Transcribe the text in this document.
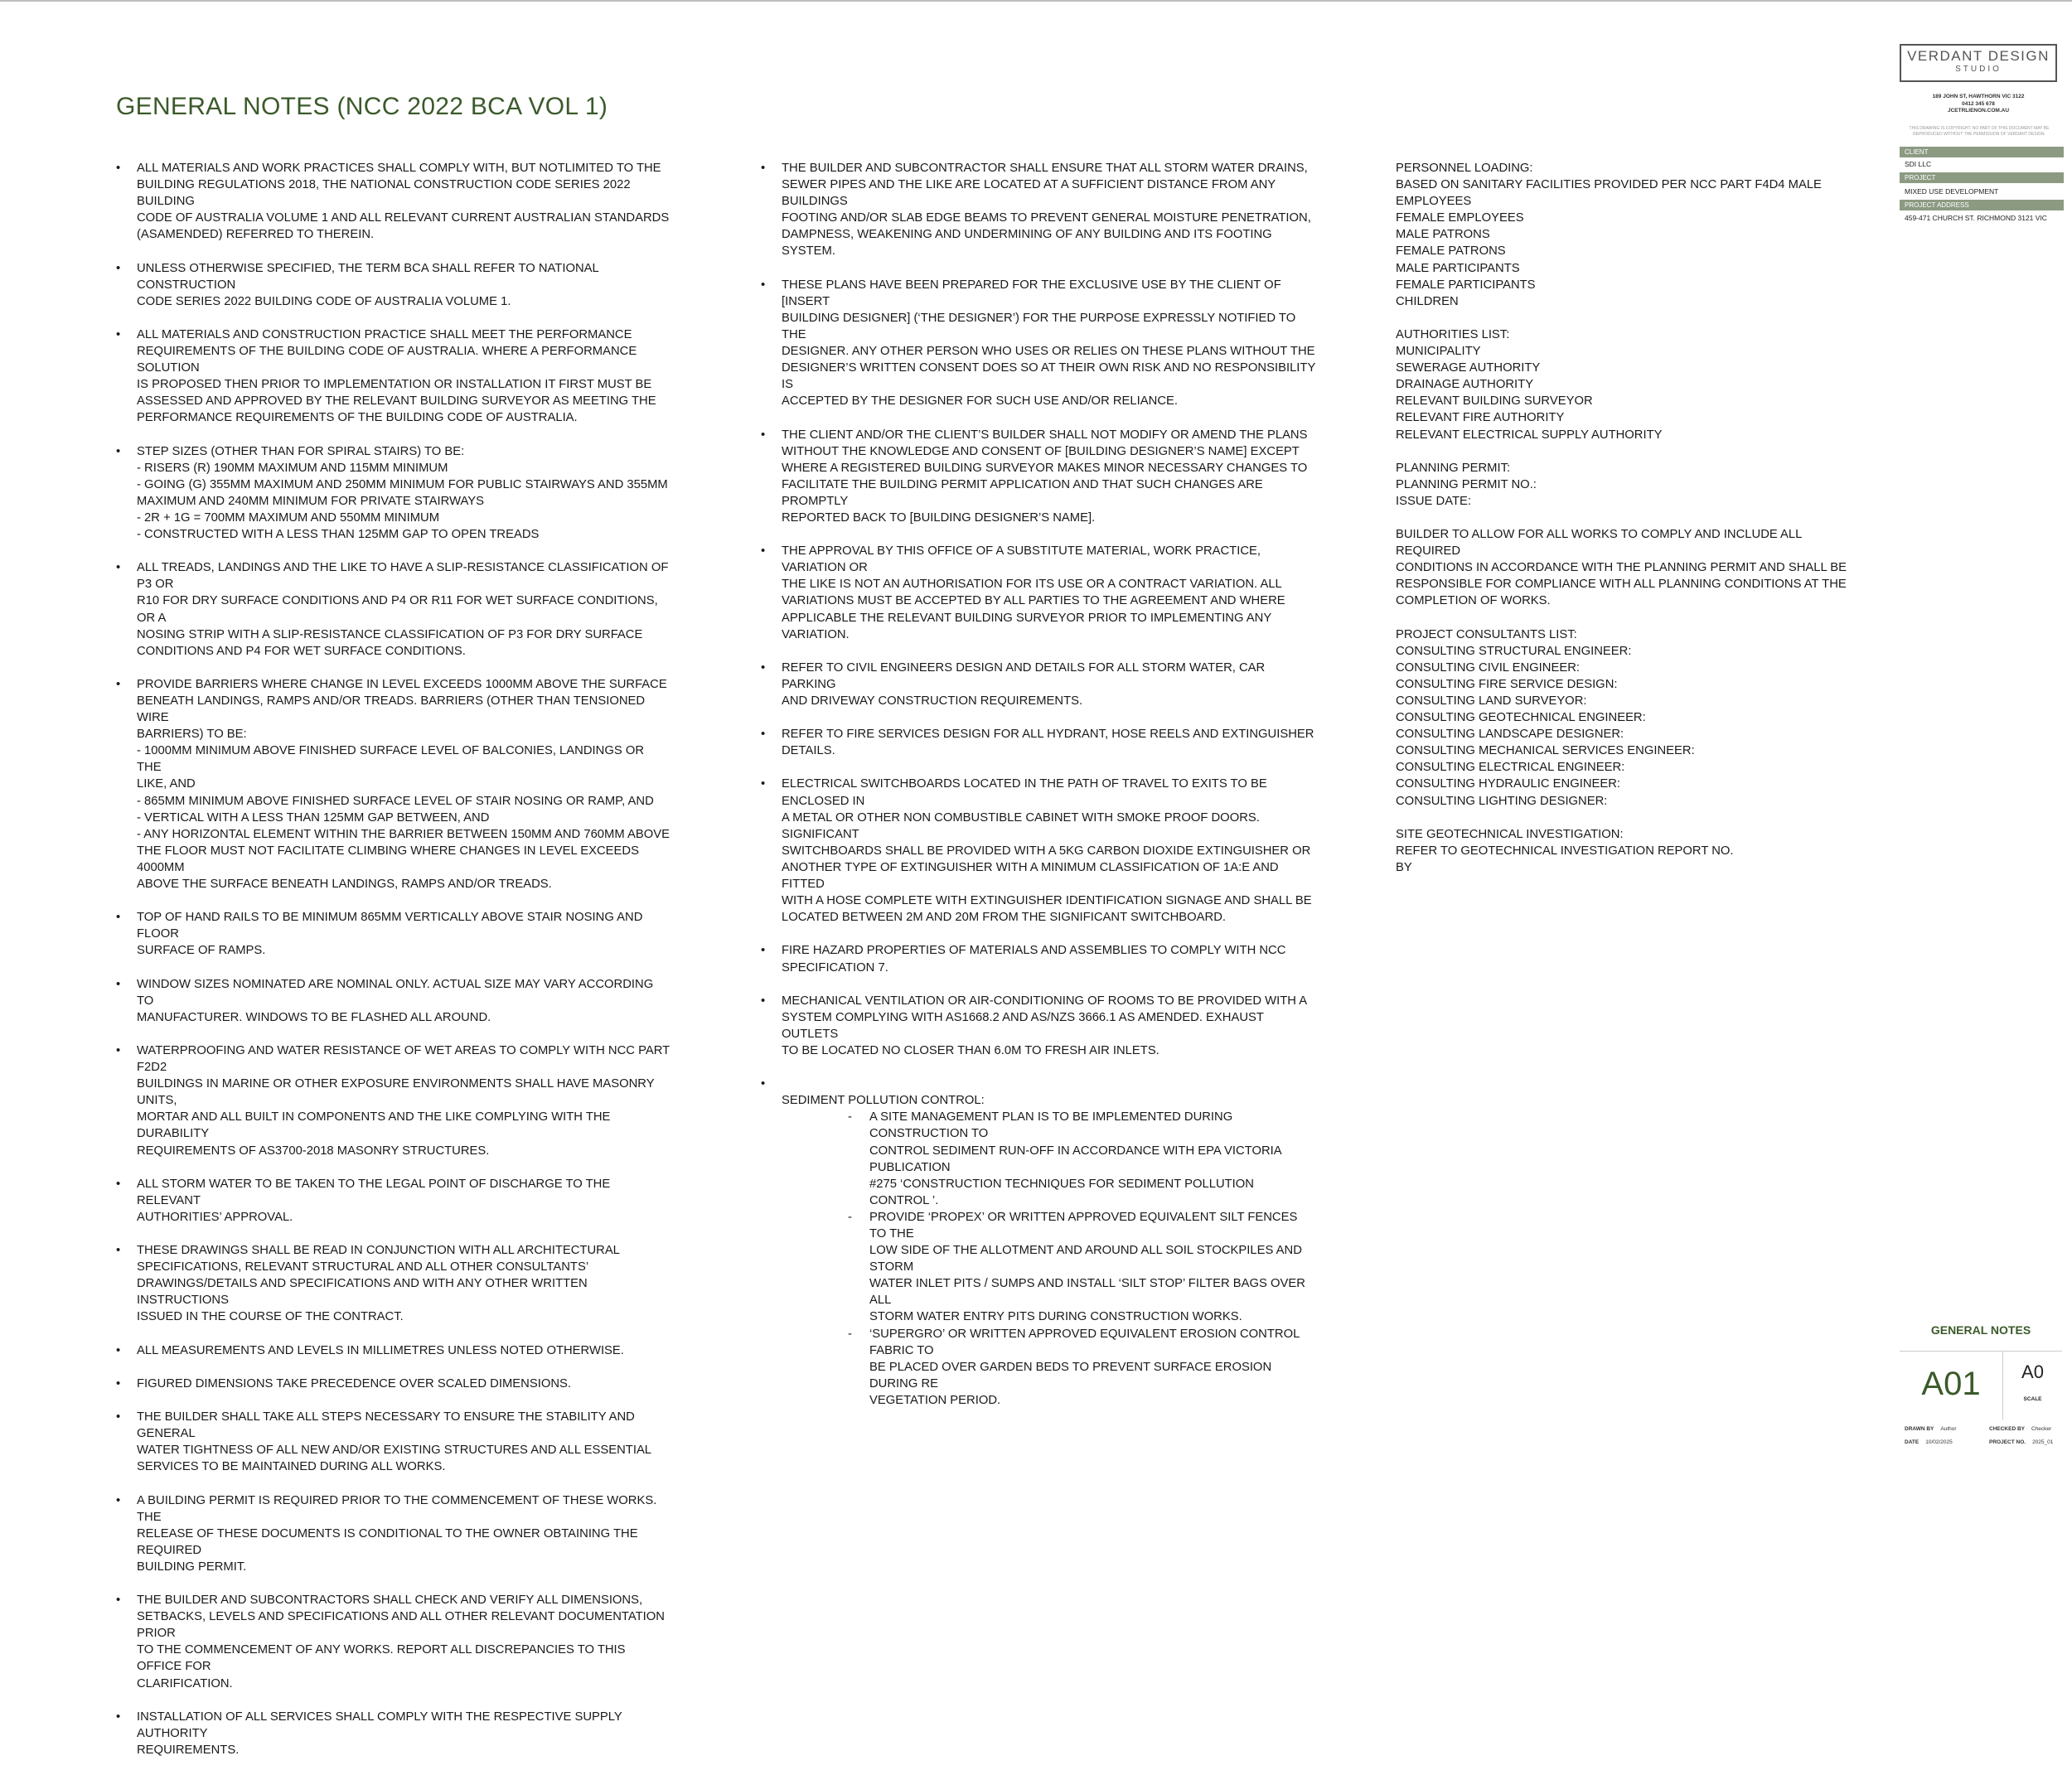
GENERAL NOTES (NCC 2022 BCA VOL 1)
• ALL MATERIALS AND WORK PRACTICES SHALL COMPLY WITH, BUT NOTLIMITED TO THE
BUILDING REGULATIONS 2018, THE NATIONAL CONSTRUCTION CODE SERIES 2022 BUILDING
CODE OF AUSTRALIA VOLUME 1 AND ALL RELEVANT CURRENT AUSTRALIAN STANDARDS
(ASAMENDED) REFERRED TO THEREIN.
• UNLESS OTHERWISE SPECIFIED, THE TERM BCA SHALL REFER TO NATIONAL CONSTRUCTION
CODE SERIES 2022 BUILDING CODE OF AUSTRALIA VOLUME 1.
• ALL MATERIALS AND CONSTRUCTION PRACTICE SHALL MEET THE PERFORMANCE
REQUIREMENTS OF THE BUILDING CODE OF AUSTRALIA. WHERE A PERFORMANCE SOLUTION
IS PROPOSED THEN PRIOR TO IMPLEMENTATION OR INSTALLATION IT FIRST MUST BE
ASSESSED AND APPROVED BY THE RELEVANT BUILDING SURVEYOR AS MEETING THE
PERFORMANCE REQUIREMENTS OF THE BUILDING CODE OF AUSTRALIA.
• STEP SIZES (OTHER THAN FOR SPIRAL STAIRS) TO BE:
- RISERS (R) 190MM MAXIMUM AND 115MM MINIMUM
- GOING (G) 355MM MAXIMUM AND 250MM MINIMUM FOR PUBLIC STAIRWAYS AND 355MM
MAXIMUM AND 240MM MINIMUM FOR PRIVATE STAIRWAYS
- 2R + 1G = 700MM MAXIMUM AND 550MM MINIMUM
- CONSTRUCTED WITH A LESS THAN 125MM GAP TO OPEN TREADS
• ALL TREADS, LANDINGS AND THE LIKE TO HAVE A SLIP-RESISTANCE CLASSIFICATION OF P3 OR
R10 FOR DRY SURFACE CONDITIONS AND P4 OR R11 FOR WET SURFACE CONDITIONS, OR A
NOSING STRIP WITH A SLIP-RESISTANCE CLASSIFICATION OF P3 FOR DRY SURFACE
CONDITIONS AND P4 FOR WET SURFACE CONDITIONS.
• PROVIDE BARRIERS WHERE CHANGE IN LEVEL EXCEEDS 1000MM ABOVE THE SURFACE
BENEATH LANDINGS, RAMPS AND/OR TREADS. BARRIERS (OTHER THAN TENSIONED WIRE
BARRIERS) TO BE:
- 1000MM MINIMUM ABOVE FINISHED SURFACE LEVEL OF BALCONIES, LANDINGS OR THE
LIKE, AND
- 865MM MINIMUM ABOVE FINISHED SURFACE LEVEL OF STAIR NOSING OR RAMP, AND
- VERTICAL WITH A LESS THAN 125MM GAP BETWEEN, AND
- ANY HORIZONTAL ELEMENT WITHIN THE BARRIER BETWEEN 150MM AND 760MM ABOVE
THE FLOOR MUST NOT FACILITATE CLIMBING WHERE CHANGES IN LEVEL EXCEEDS 4000MM
ABOVE THE SURFACE BENEATH LANDINGS, RAMPS AND/OR TREADS.
• TOP OF HAND RAILS TO BE MINIMUM 865MM VERTICALLY ABOVE STAIR NOSING AND FLOOR
SURFACE OF RAMPS.
• WINDOW SIZES NOMINATED ARE NOMINAL ONLY. ACTUAL SIZE MAY VARY ACCORDING TO
MANUFACTURER. WINDOWS TO BE FLASHED ALL AROUND.
• WATERPROOFING AND WATER RESISTANCE OF WET AREAS TO COMPLY WITH NCC PART F2D2
BUILDINGS IN MARINE OR OTHER EXPOSURE ENVIRONMENTS SHALL HAVE MASONRY UNITS,
MORTAR AND ALL BUILT IN COMPONENTS AND THE LIKE COMPLYING WITH THE DURABILITY
REQUIREMENTS OF AS3700-2018 MASONRY STRUCTURES.
• ALL STORM WATER TO BE TAKEN TO THE LEGAL POINT OF DISCHARGE TO THE RELEVANT
AUTHORITIES’ APPROVAL.
• THESE DRAWINGS SHALL BE READ IN CONJUNCTION WITH ALL ARCHITECTURAL
SPECIFICATIONS, RELEVANT STRUCTURAL AND ALL OTHER CONSULTANTS’
DRAWINGS/DETAILS AND SPECIFICATIONS AND WITH ANY OTHER WRITTEN INSTRUCTIONS
ISSUED IN THE COURSE OF THE CONTRACT.
• ALL MEASUREMENTS AND LEVELS IN MILLIMETRES UNLESS NOTED OTHERWISE.
• FIGURED DIMENSIONS TAKE PRECEDENCE OVER SCALED DIMENSIONS.
• THE BUILDER SHALL TAKE ALL STEPS NECESSARY TO ENSURE THE STABILITY AND GENERAL
WATER TIGHTNESS OF ALL NEW AND/OR EXISTING STRUCTURES AND ALL ESSENTIAL
SERVICES TO BE MAINTAINED DURING ALL WORKS.
• A BUILDING PERMIT IS REQUIRED PRIOR TO THE COMMENCEMENT OF THESE WORKS. THE
RELEASE OF THESE DOCUMENTS IS CONDITIONAL TO THE OWNER OBTAINING THE REQUIRED
BUILDING PERMIT.
• THE BUILDER AND SUBCONTRACTORS SHALL CHECK AND VERIFY ALL DIMENSIONS,
SETBACKS, LEVELS AND SPECIFICATIONS AND ALL OTHER RELEVANT DOCUMENTATION PRIOR
TO THE COMMENCEMENT OF ANY WORKS. REPORT ALL DISCREPANCIES TO THIS OFFICE FOR
CLARIFICATION.
• INSTALLATION OF ALL SERVICES SHALL COMPLY WITH THE RESPECTIVE SUPPLY AUTHORITY
REQUIREMENTS.
• THE BUILDER AND SUBCONTRACTOR SHALL ENSURE THAT ALL STORM WATER DRAINS,
SEWER PIPES AND THE LIKE ARE LOCATED AT A SUFFICIENT DISTANCE FROM ANY BUILDINGS
FOOTING AND/OR SLAB EDGE BEAMS TO PREVENT GENERAL MOISTURE PENETRATION,
DAMPNESS, WEAKENING AND UNDERMINING OF ANY BUILDING AND ITS FOOTING SYSTEM.
• THESE PLANS HAVE BEEN PREPARED FOR THE EXCLUSIVE USE BY THE CLIENT OF [INSERT
BUILDING DESIGNER] (‘THE DESIGNER’) FOR THE PURPOSE EXPRESSLY NOTIFIED TO THE
DESIGNER. ANY OTHER PERSON WHO USES OR RELIES ON THESE PLANS WITHOUT THE
DESIGNER’S WRITTEN CONSENT DOES SO AT THEIR OWN RISK AND NO RESPONSIBILITY IS
ACCEPTED BY THE DESIGNER FOR SUCH USE AND/OR RELIANCE.
• THE CLIENT AND/OR THE CLIENT’S BUILDER SHALL NOT MODIFY OR AMEND THE PLANS
WITHOUT THE KNOWLEDGE AND CONSENT OF [BUILDING DESIGNER’S NAME] EXCEPT
WHERE A REGISTERED BUILDING SURVEYOR MAKES MINOR NECESSARY CHANGES TO
FACILITATE THE BUILDING PERMIT APPLICATION AND THAT SUCH CHANGES ARE PROMPTLY
REPORTED BACK TO [BUILDING DESIGNER’S NAME].
• THE APPROVAL BY THIS OFFICE OF A SUBSTITUTE MATERIAL, WORK PRACTICE, VARIATION OR
THE LIKE IS NOT AN AUTHORISATION FOR ITS USE OR A CONTRACT VARIATION. ALL
VARIATIONS MUST BE ACCEPTED BY ALL PARTIES TO THE AGREEMENT AND WHERE
APPLICABLE THE RELEVANT BUILDING SURVEYOR PRIOR TO IMPLEMENTING ANY VARIATION.
• REFER TO CIVIL ENGINEERS DESIGN AND DETAILS FOR ALL STORM WATER, CAR PARKING
AND DRIVEWAY CONSTRUCTION REQUIREMENTS.
• REFER TO FIRE SERVICES DESIGN FOR ALL HYDRANT, HOSE REELS AND EXTINGUISHER
DETAILS.
• ELECTRICAL SWITCHBOARDS LOCATED IN THE PATH OF TRAVEL TO EXITS TO BE ENCLOSED IN
A METAL OR OTHER NON COMBUSTIBLE CABINET WITH SMOKE PROOF DOORS. SIGNIFICANT
SWITCHBOARDS SHALL BE PROVIDED WITH A 5KG CARBON DIOXIDE EXTINGUISHER OR
ANOTHER TYPE OF EXTINGUISHER WITH A MINIMUM CLASSIFICATION OF 1A:E AND FITTED
WITH A HOSE COMPLETE WITH EXTINGUISHER IDENTIFICATION SIGNAGE AND SHALL BE
LOCATED BETWEEN 2M AND 20M FROM THE SIGNIFICANT SWITCHBOARD.
• FIRE HAZARD PROPERTIES OF MATERIALS AND ASSEMBLIES TO COMPLY WITH NCC
SPECIFICATION 7.
• MECHANICAL VENTILATION OR AIR-CONDITIONING OF ROOMS TO BE PROVIDED WITH A
SYSTEM COMPLYING WITH AS1668.2 AND AS/NZS 3666.1 AS AMENDED. EXHAUST OUTLETS
TO BE LOCATED NO CLOSER THAN 6.0M TO FRESH AIR INLETS.

• SEDIMENT POLLUTION CONTROL:

- A SITE MANAGEMENT PLAN IS TO BE IMPLEMENTED DURING CONSTRUCTION TO
CONTROL SEDIMENT RUN-OFF IN ACCORDANCE WITH EPA VICTORIA PUBLICATION
#275 ‘CONSTRUCTION TECHNIQUES FOR SEDIMENT POLLUTION CONTROL ’.
- PROVIDE ‘PROPEX’ OR WRITTEN APPROVED EQUIVALENT SILT FENCES TO THE
LOW SIDE OF THE ALLOTMENT AND AROUND ALL SOIL STOCKPILES AND STORM
WATER INLET PITS / SUMPS AND INSTALL ‘SILT STOP’ FILTER BAGS OVER ALL
STORM WATER ENTRY PITS DURING CONSTRUCTION WORKS.
- ‘SUPERGRO’ OR WRITTEN APPROVED EQUIVALENT EROSION CONTROL FABRIC TO
BE PLACED OVER GARDEN BEDS TO PREVENT SURFACE EROSION DURING RE
VEGETATION PERIOD.

PERSONNEL LOADING:
BASED ON SANITARY FACILITIES PROVIDED PER NCC PART F4D4 MALE
EMPLOYEES
FEMALE EMPLOYEES
MALE PATRONS
FEMALE PATRONS
MALE PARTICIPANTS
FEMALE PARTICIPANTS
CHILDREN
AUTHORITIES LIST:
MUNICIPALITY
SEWERAGE AUTHORITY
DRAINAGE AUTHORITY
RELEVANT BUILDING SURVEYOR
RELEVANT FIRE AUTHORITY
RELEVANT ELECTRICAL SUPPLY AUTHORITY
PLANNING PERMIT:
PLANNING PERMIT NO.:
ISSUE DATE:
BUILDER TO ALLOW FOR ALL WORKS TO COMPLY AND INCLUDE ALL REQUIRED
CONDITIONS IN ACCORDANCE WITH THE PLANNING PERMIT AND SHALL BE
RESPONSIBLE FOR COMPLIANCE WITH ALL PLANNING CONDITIONS AT THE
COMPLETION OF WORKS.
PROJECT CONSULTANTS LIST:
CONSULTING STRUCTURAL ENGINEER:
CONSULTING CIVIL ENGINEER:
CONSULTING FIRE SERVICE DESIGN:
CONSULTING LAND SURVEYOR:
CONSULTING GEOTECHNICAL ENGINEER:
CONSULTING LANDSCAPE DESIGNER:
CONSULTING MECHANICAL SERVICES ENGINEER:
CONSULTING ELECTRICAL ENGINEER:
CONSULTING HYDRAULIC ENGINEER:
CONSULTING LIGHTING DESIGNER:
SITE GEOTECHNICAL INVESTIGATION:
REFER TO GEOTECHNICAL INVESTIGATION REPORT NO.
BY
VERDANT DESIGN
STUDIO
189 JOHN ST, HAWTHORN VIC 3122
0412 345 678
JCETRLIENON.COM.AU
THIS DRAWING IS COPYRIGHT. NO PART OF THIS DOCUMENT MAY BE REPRODUCED WITHOUT THE PERMISSION OF VERDANT DESIGN.
CLIENT
SDI LLC
PROJECT
MIXED USE DEVELOPMENT
PROJECT ADDRESS
459-471 CHURCH ST. RICHMOND 3121 VIC
GENERAL NOTES
A01	A0
SCALE
DRAWN BY Author	CHECKED BY Checker
DATE 10/02/2025	PROJECT NO. 2025_01
